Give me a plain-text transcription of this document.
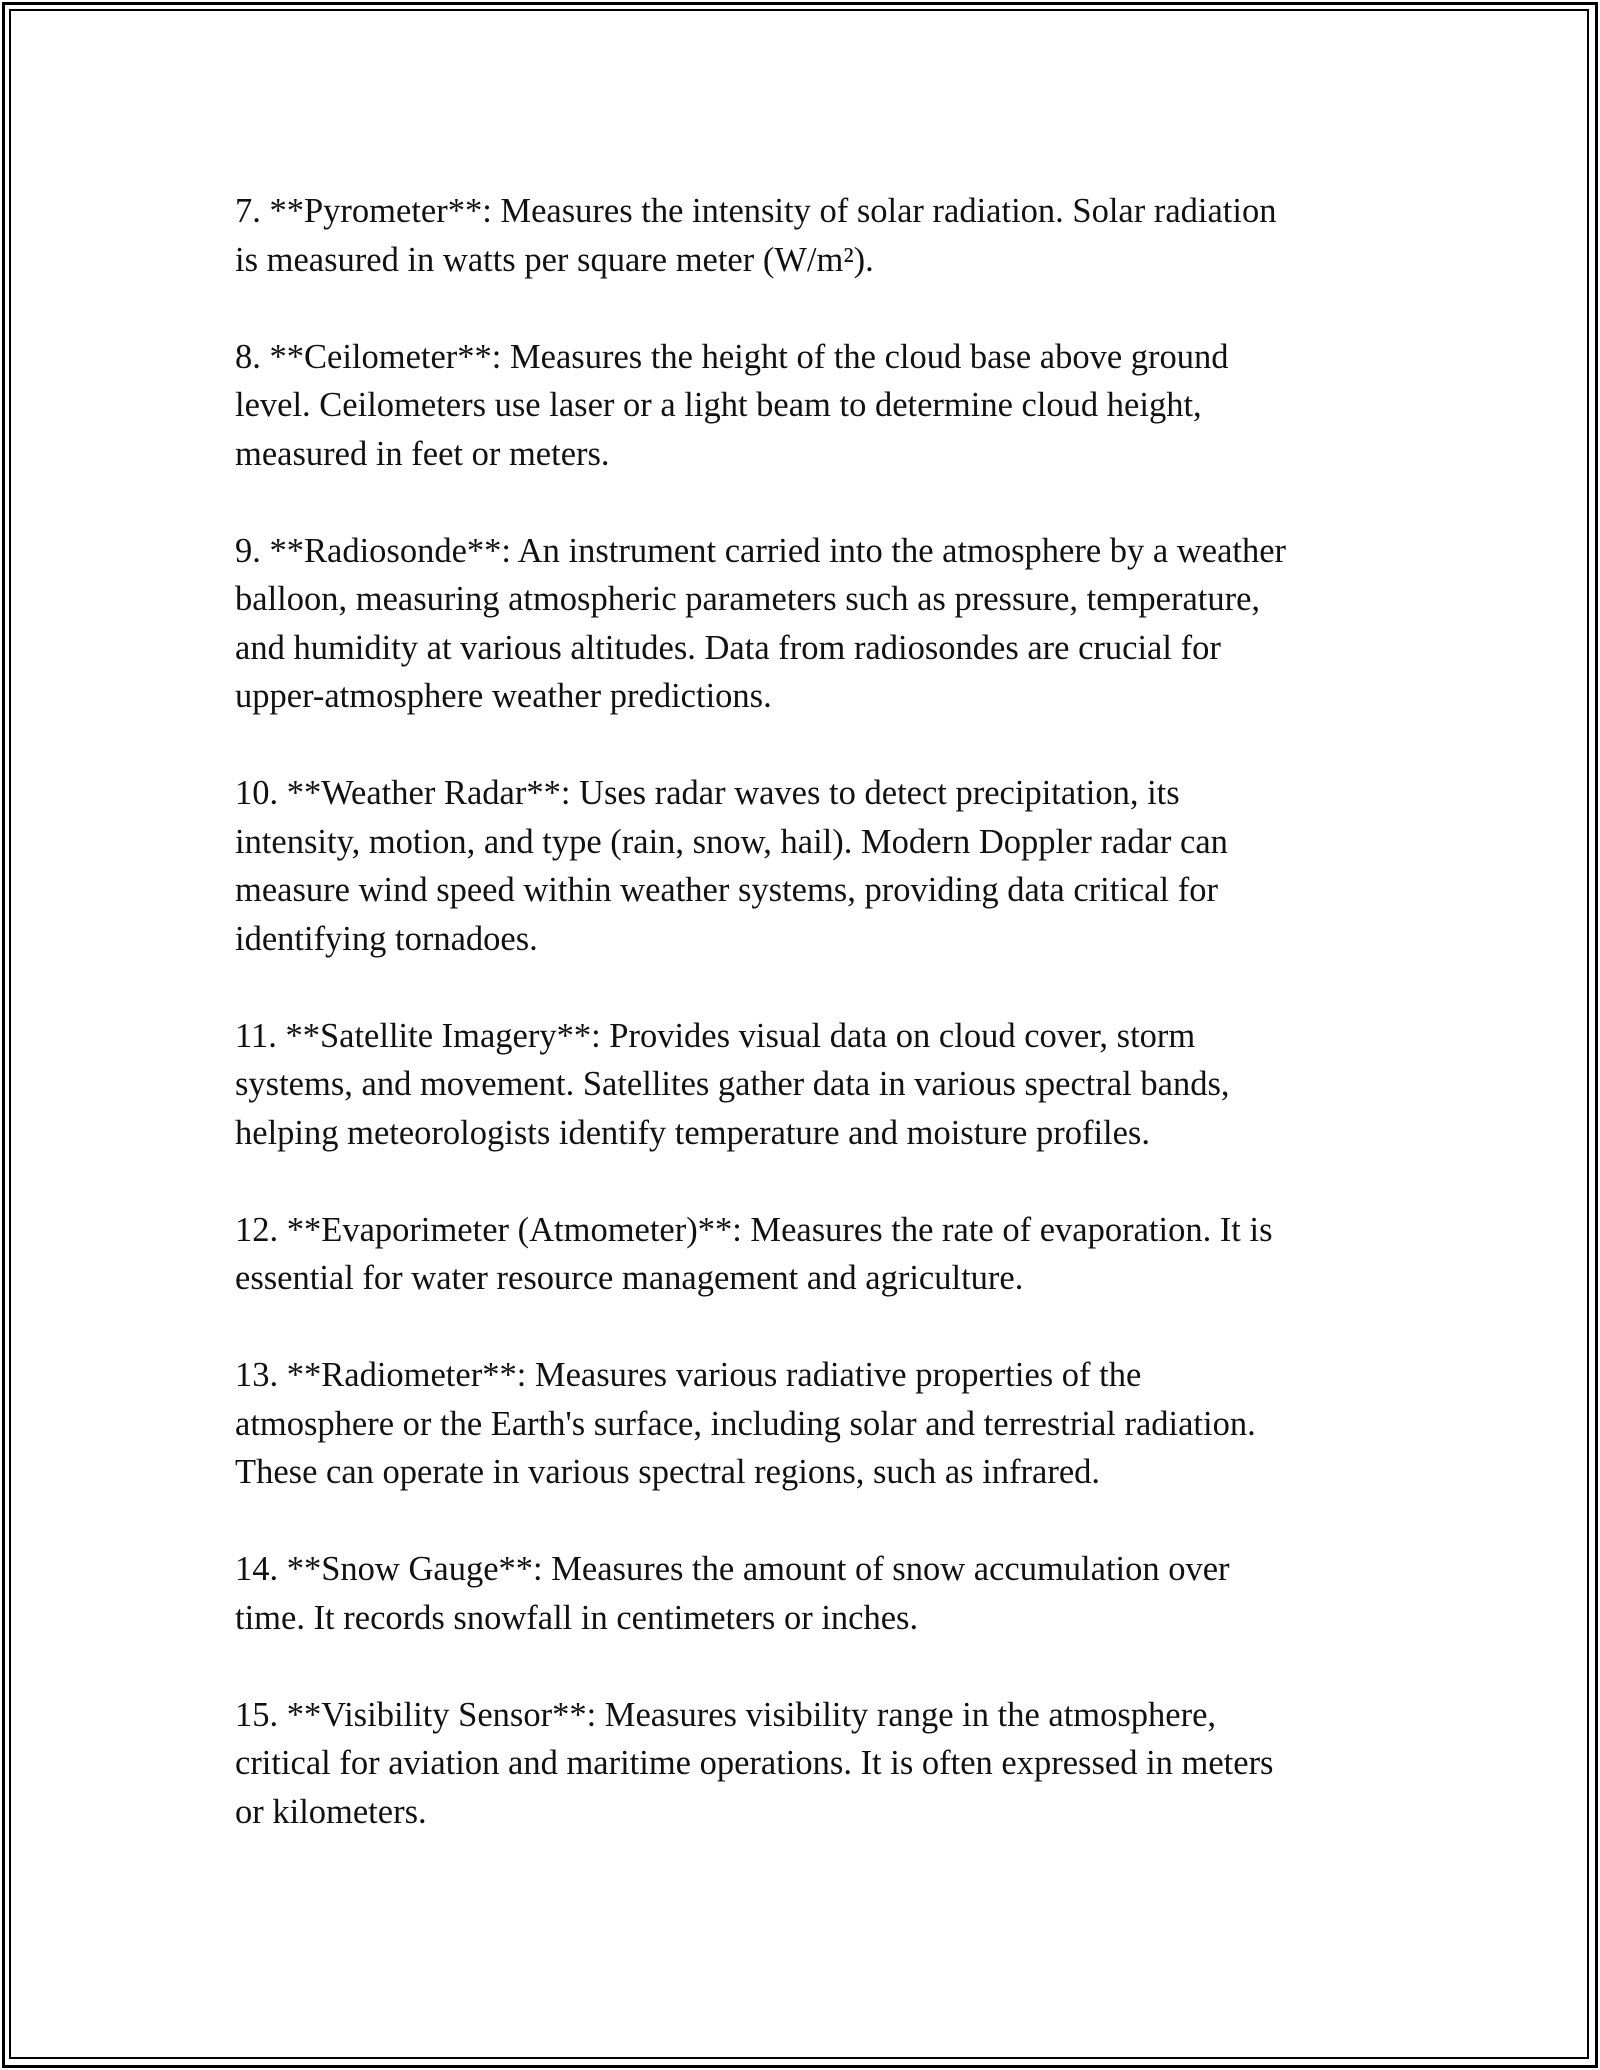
7. **Pyrometer**: Measures the intensity of solar radiation. Solar radiation
is measured in watts per square meter (W/m²).

8. **Ceilometer**: Measures the height of the cloud base above ground
level. Ceilometers use laser or a light beam to determine cloud height,
measured in feet or meters.

9. **Radiosonde**: An instrument carried into the atmosphere by a weather
balloon, measuring atmospheric parameters such as pressure, temperature,
and humidity at various altitudes. Data from radiosondes are crucial for
upper-atmosphere weather predictions.

10. **Weather Radar**: Uses radar waves to detect precipitation, its
intensity, motion, and type (rain, snow, hail). Modern Doppler radar can
measure wind speed within weather systems, providing data critical for
identifying tornadoes.

11. **Satellite Imagery**: Provides visual data on cloud cover, storm
systems, and movement. Satellites gather data in various spectral bands,
helping meteorologists identify temperature and moisture profiles.

12. **Evaporimeter (Atmometer)**: Measures the rate of evaporation. It is
essential for water resource management and agriculture.

13. **Radiometer**: Measures various radiative properties of the
atmosphere or the Earth's surface, including solar and terrestrial radiation.
These can operate in various spectral regions, such as infrared.

14. **Snow Gauge**: Measures the amount of snow accumulation over
time. It records snowfall in centimeters or inches.

15. **Visibility Sensor**: Measures visibility range in the atmosphere,
critical for aviation and maritime operations. It is often expressed in meters
or kilometers.
